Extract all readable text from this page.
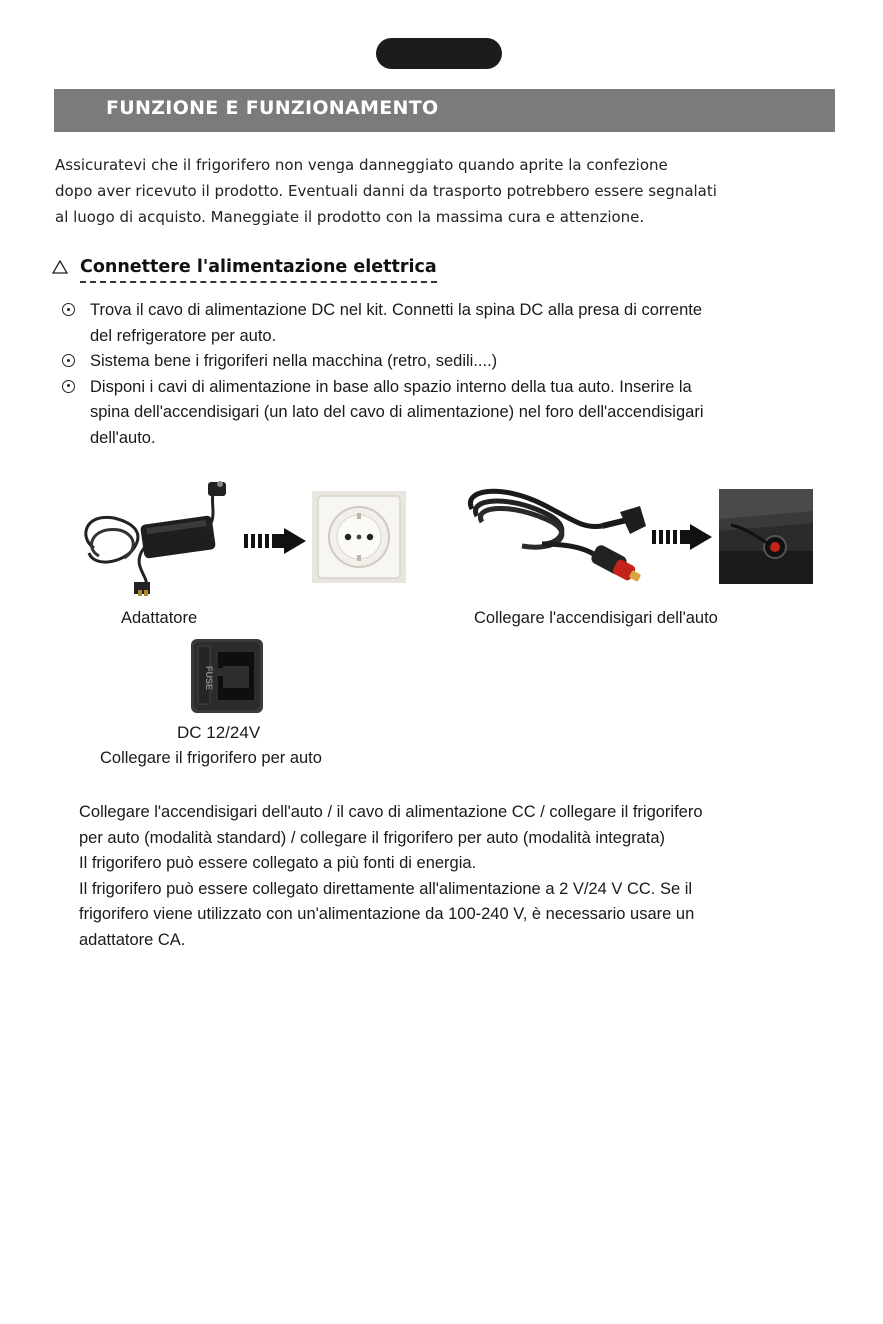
FUNZIONE E FUNZIONAMENTO
Assicuratevi che il frigorifero non venga danneggiato quando aprite la confezione
dopo aver ricevuto il prodotto. Eventuali danni da trasporto potrebbero essere segnalati
al luogo di acquisto. Maneggiate il prodotto con la massima cura e attenzione.
Connettere l'alimentazione elettrica
Trova il cavo di alimentazione DC nel kit. Connetti la spina DC alla presa di corrente
del refrigeratore per auto.
Sistema bene i frigoriferi nella macchina (retro, sedili....)
Disponi i cavi di alimentazione in base allo spazio interno della tua auto. Inserire la
spina dell'accendisigari (un lato del cavo di alimentazione) nel foro dell'accendisigari
dell'auto.
Adattatore	Collegare l'accendisigari dell'auto
FUSE
DC 12/24V
Collegare il frigorifero per auto
Collegare l'accendisigari dell'auto / il cavo di alimentazione CC / collegare il frigorifero
per auto (modalità standard) / collegare il frigorifero per auto (modalità integrata)
Il frigorifero può essere collegato a più fonti di energia.
Il frigorifero può essere collegato direttamente all'alimentazione a 2 V/24 V CC. Se il
frigorifero viene utilizzato con un'alimentazione da 100-240 V, è necessario usare un
adattatore CA.
